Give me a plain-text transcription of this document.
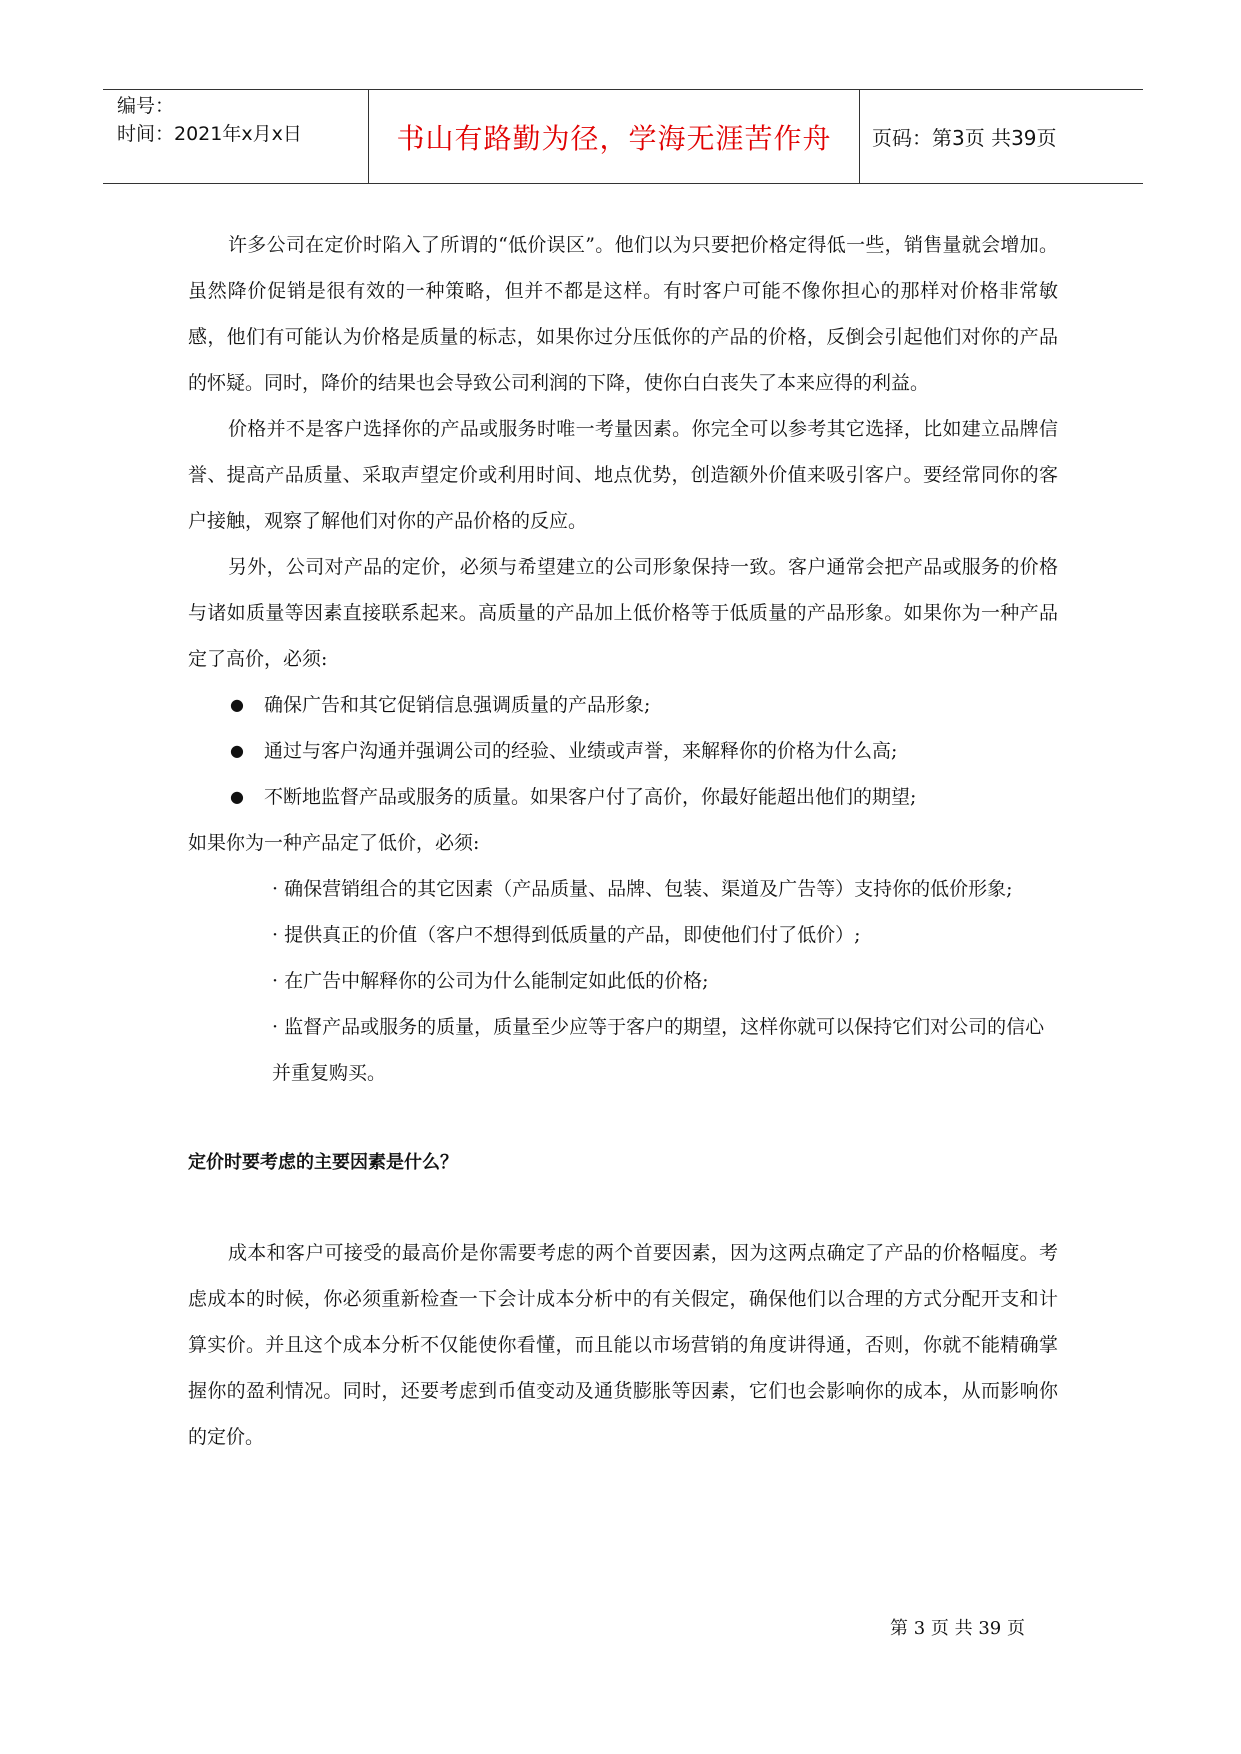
编号：
时间：2021年x月x日	书山有路勤为径，学海无涯苦作舟	页码：第3页 共39页

许多公司在定价时陷入了所谓的“低价误区”。他们以为只要把价格定得低一些，销售量就会增加。虽然降价促销是很有效的一种策略，但并不都是这样。有时客户可能不像你担心的那样对价格非常敏感，他们有可能认为价格是质量的标志，如果你过分压低你的产品的价格，反倒会引起他们对你的产品的怀疑。同时，降价的结果也会导致公司利润的下降，使你白白丧失了本来应得的利益。

价格并不是客户选择你的产品或服务时唯一考量因素。你完全可以参考其它选择，比如建立品牌信誉、提高产品质量、采取声望定价或利用时间、地点优势，创造额外价值来吸引客户。要经常同你的客户接触，观察了解他们对你的产品价格的反应。

另外，公司对产品的定价，必须与希望建立的公司形象保持一致。客户通常会把产品或服务的价格与诸如质量等因素直接联系起来。高质量的产品加上低价格等于低质量的产品形象。如果你为一种产品定了高价，必须:

●	确保广告和其它促销信息强调质量的产品形象;
●	通过与客户沟通并强调公司的经验、业绩或声誉，来解释你的价格为什么高;
●	不断地监督产品或服务的质量。如果客户付了高价，你最好能超出他们的期望;

如果你为一种产品定了低价，必须:

· 确保营销组合的其它因素（产品质量、品牌、包装、渠道及广告等）支持你的低价形象;

· 提供真正的价值（客户不想得到低质量的产品，即使他们付了低价）;

· 在广告中解释你的公司为什么能制定如此低的价格;

· 监督产品或服务的质量，质量至少应等于客户的期望，这样你就可以保持它们对公司的信心并重复购买。

定价时要考虑的主要因素是什么？

成本和客户可接受的最高价是你需要考虑的两个首要因素，因为这两点确定了产品的价格幅度。考虑成本的时候，你必须重新检查一下会计成本分析中的有关假定，确保他们以合理的方式分配开支和计算实价。并且这个成本分析不仅能使你看懂，而且能以市场营销的角度讲得通，否则，你就不能精确掌握你的盈利情况。同时，还要考虑到币值变动及通货膨胀等因素，它们也会影响你的成本，从而影响你的定价。

第 3 页 共 39 页
